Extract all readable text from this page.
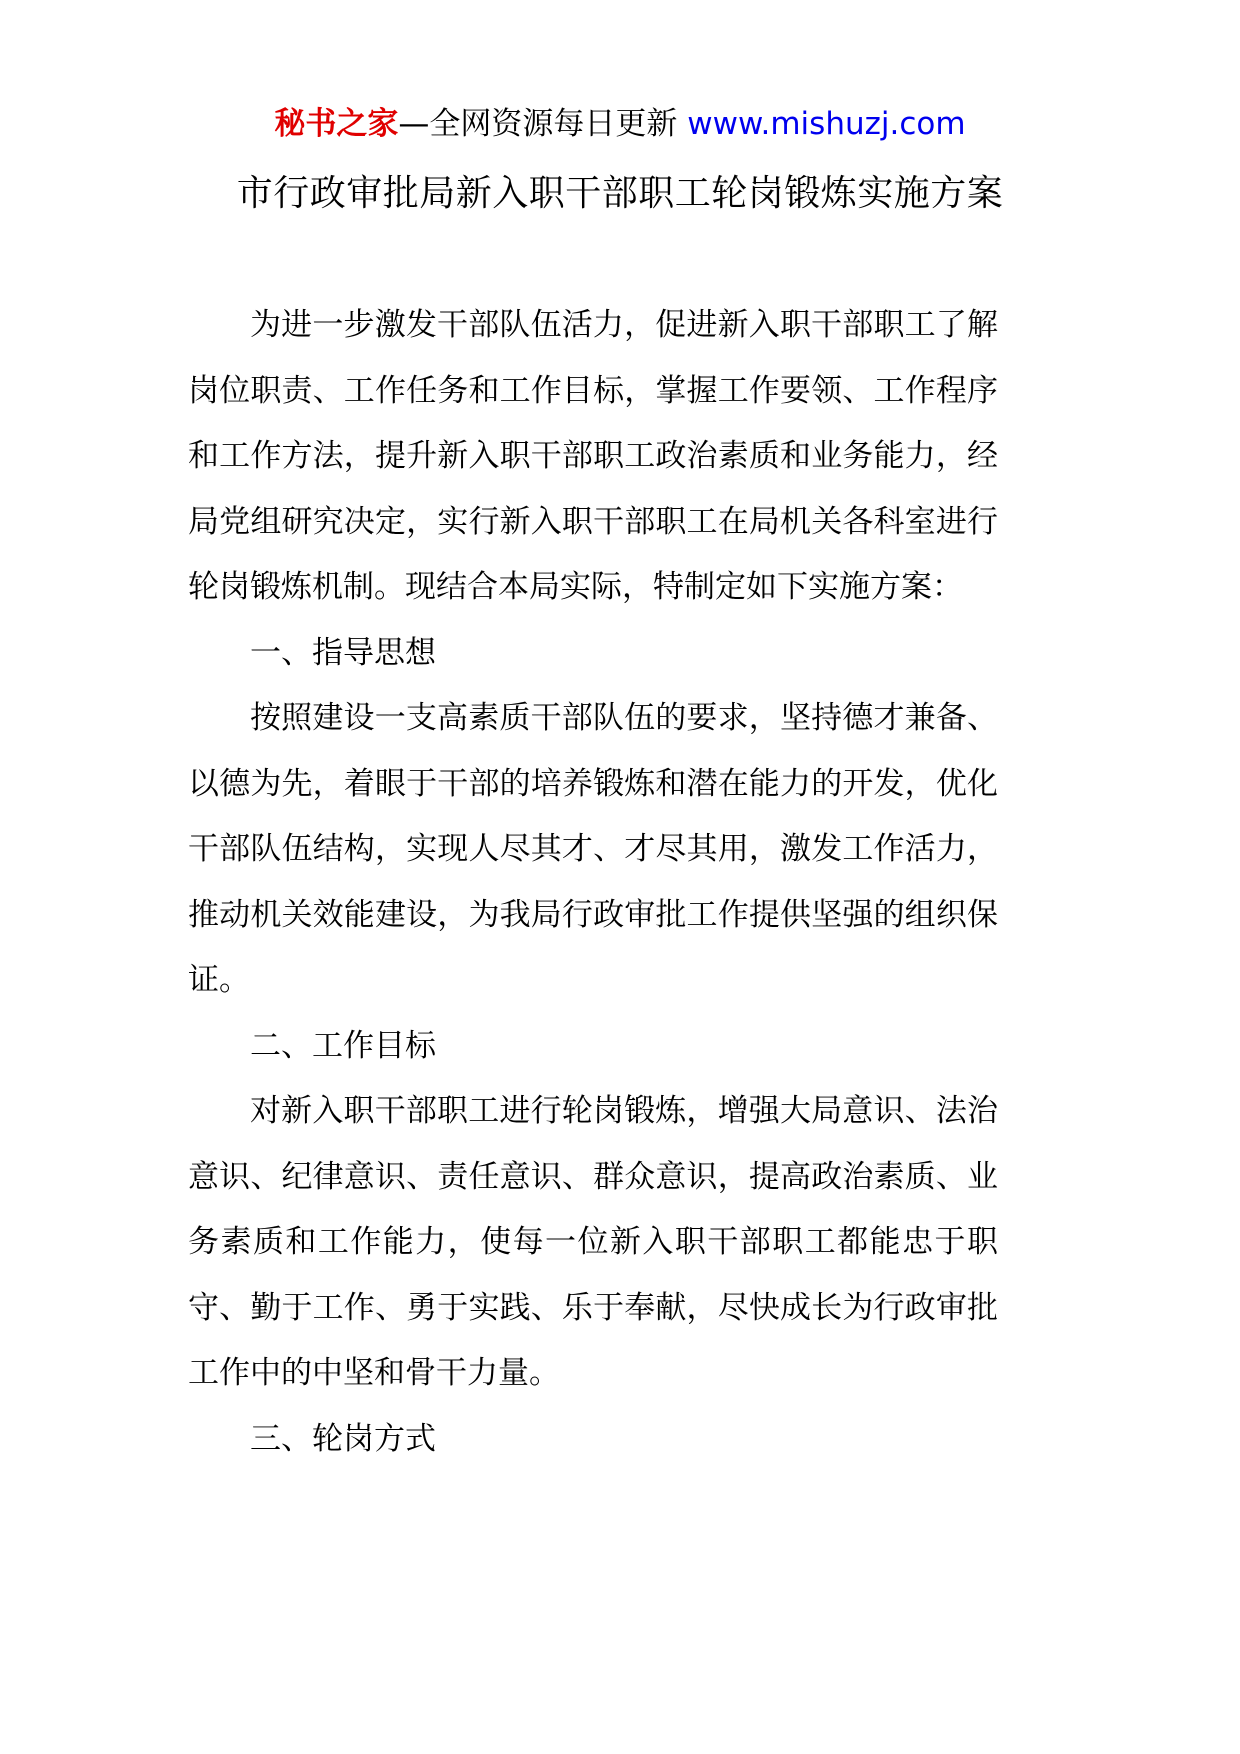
秘书之家—全网资源每日更新 www.mishuzj.com
市行政审批局新入职干部职工轮岗锻炼实施方案

为进一步激发干部队伍活力，促进新入职干部职工了解岗位职责、工作任务和工作目标，掌握工作要领、工作程序和工作方法，提升新入职干部职工政治素质和业务能力，经局党组研究决定，实行新入职干部职工在局机关各科室进行轮岗锻炼机制。现结合本局实际，特制定如下实施方案：

一、指导思想

按照建设一支高素质干部队伍的要求，坚持德才兼备、以德为先，着眼于干部的培养锻炼和潜在能力的开发，优化干部队伍结构，实现人尽其才、才尽其用，激发工作活力，推动机关效能建设，为我局行政审批工作提供坚强的组织保证。

二、工作目标

对新入职干部职工进行轮岗锻炼，增强大局意识、法治意识、纪律意识、责任意识、群众意识，提高政治素质、业务素质和工作能力，使每一位新入职干部职工都能忠于职守、勤于工作、勇于实践、乐于奉献，尽快成长为行政审批工作中的中坚和骨干力量。

三、轮岗方式
